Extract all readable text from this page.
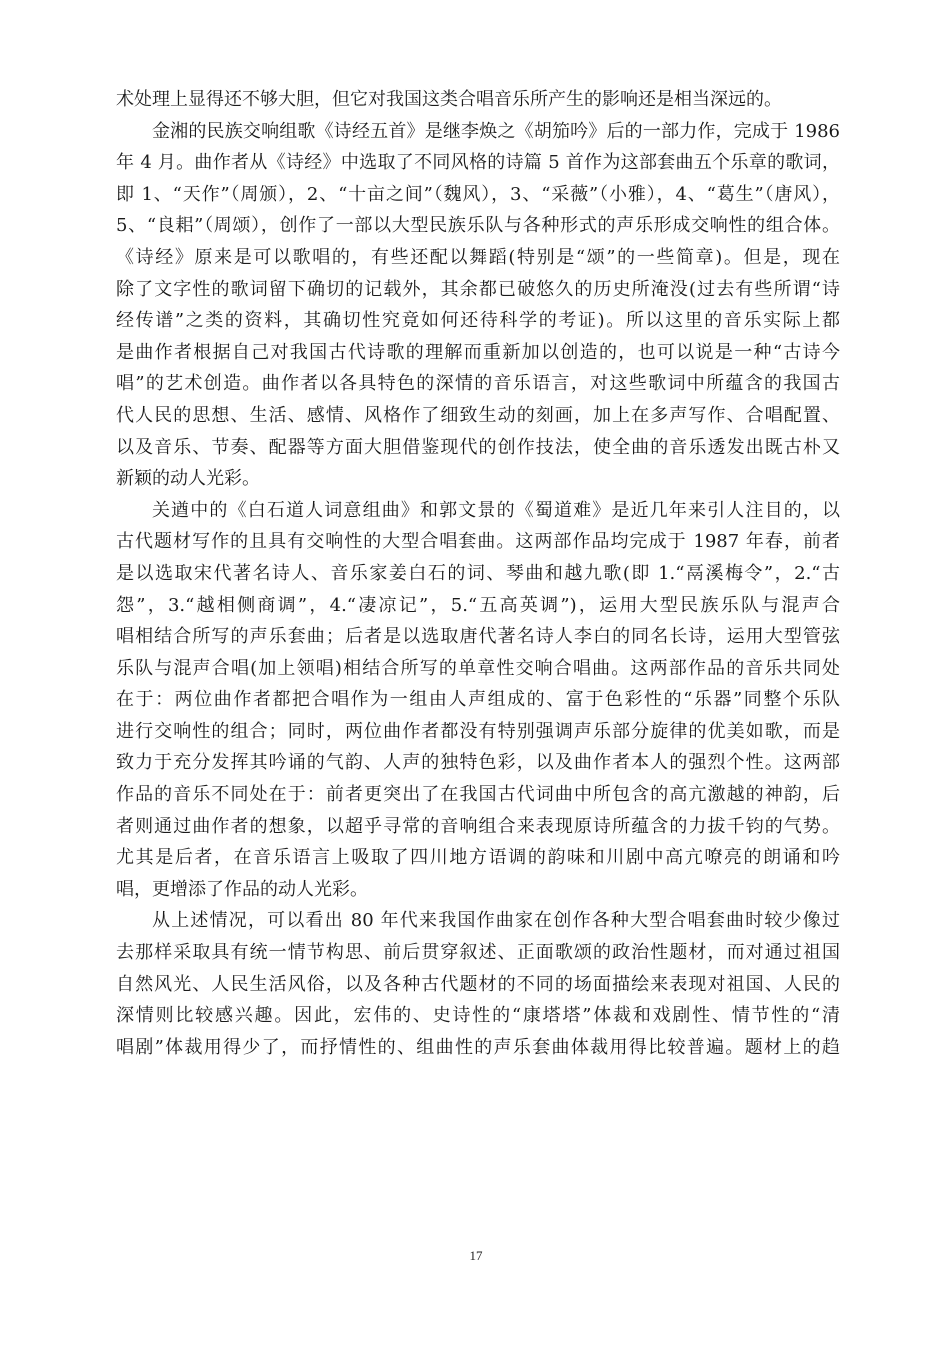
术处理上显得还不够大胆，但它对我国这类合唱音乐所产生的影响还是相当深远的。
金湘的民族交响组歌《诗经五首》是继李焕之《胡笳吟》后的一部力作，完成于 1986
年 4 月。曲作者从《诗经》中选取了不同风格的诗篇 5 首作为这部套曲五个乐章的歌词，
即 1、“天作”（周颁），2、“十亩之间”（魏风），3、“采薇”（小雅），4、“葛生”（唐风），
5、“良耜”（周颂），创作了一部以大型民族乐队与各种形式的声乐形成交响性的组合体。
《诗经》原来是可以歌唱的，有些还配以舞蹈(特别是“颂”的一些简章)。但是，现在
除了文字性的歌词留下确切的记载外，其余都已破悠久的历史所淹没(过去有些所谓“诗
经传谱”之类的资料，其确切性究竟如何还待科学的考证)。所以这里的音乐实际上都
是曲作者根据自己对我国古代诗歌的理解而重新加以创造的，也可以说是一种“古诗今
唱”的艺术创造。曲作者以各具特色的深情的音乐语言，对这些歌词中所蕴含的我国古
代人民的思想、生活、感情、风格作了细致生动的刻画，加上在多声写作、合唱配置、
以及音乐、节奏、配器等方面大胆借鉴现代的创作技法，使全曲的音乐透发出既古朴又
新颖的动人光彩。
关遒中的《白石道人词意组曲》和郭文景的《蜀道难》是近几年来引人注目的，以
古代题材写作的且具有交响性的大型合唱套曲。这两部作品均完成于 1987 年春，前者
是以选取宋代著名诗人、音乐家姜白石的词、琴曲和越九歌(即 1.“鬲溪梅令”，2.“古
怨”，3.“越相侧商调”，4.“凄凉记”，5.“五高英调”)，运用大型民族乐队与混声合
唱相结合所写的声乐套曲；后者是以选取唐代著名诗人李白的同名长诗，运用大型管弦
乐队与混声合唱(加上领唱)相结合所写的单章性交响合唱曲。这两部作品的音乐共同处
在于：两位曲作者都把合唱作为一组由人声组成的、富于色彩性的“乐器”同整个乐队
进行交响性的组合；同时，两位曲作者都没有特别强调声乐部分旋律的优美如歌，而是
致力于充分发挥其吟诵的气韵、人声的独特色彩，以及曲作者本人的强烈个性。这两部
作品的音乐不同处在于：前者更突出了在我国古代词曲中所包含的高亢激越的神韵，后
者则通过曲作者的想象，以超乎寻常的音响组合来表现原诗所蕴含的力拔千钧的气势。
尤其是后者，在音乐语言上吸取了四川地方语调的韵味和川剧中高亢嘹亮的朗诵和吟
唱，更增添了作品的动人光彩。
从上述情况，可以看出 80 年代来我国作曲家在创作各种大型合唱套曲时较少像过
去那样采取具有统一情节构思、前后贯穿叙述、正面歌颂的政治性题材，而对通过祖国
自然风光、人民生活风俗，以及各种古代题材的不同的场面描绘来表现对祖国、人民的
深情则比较感兴趣。因此，宏伟的、史诗性的“康塔塔”体裁和戏剧性、情节性的“清
唱剧”体裁用得少了，而抒情性的、组曲性的声乐套曲体裁用得比较普遍。题材上的趋
17
